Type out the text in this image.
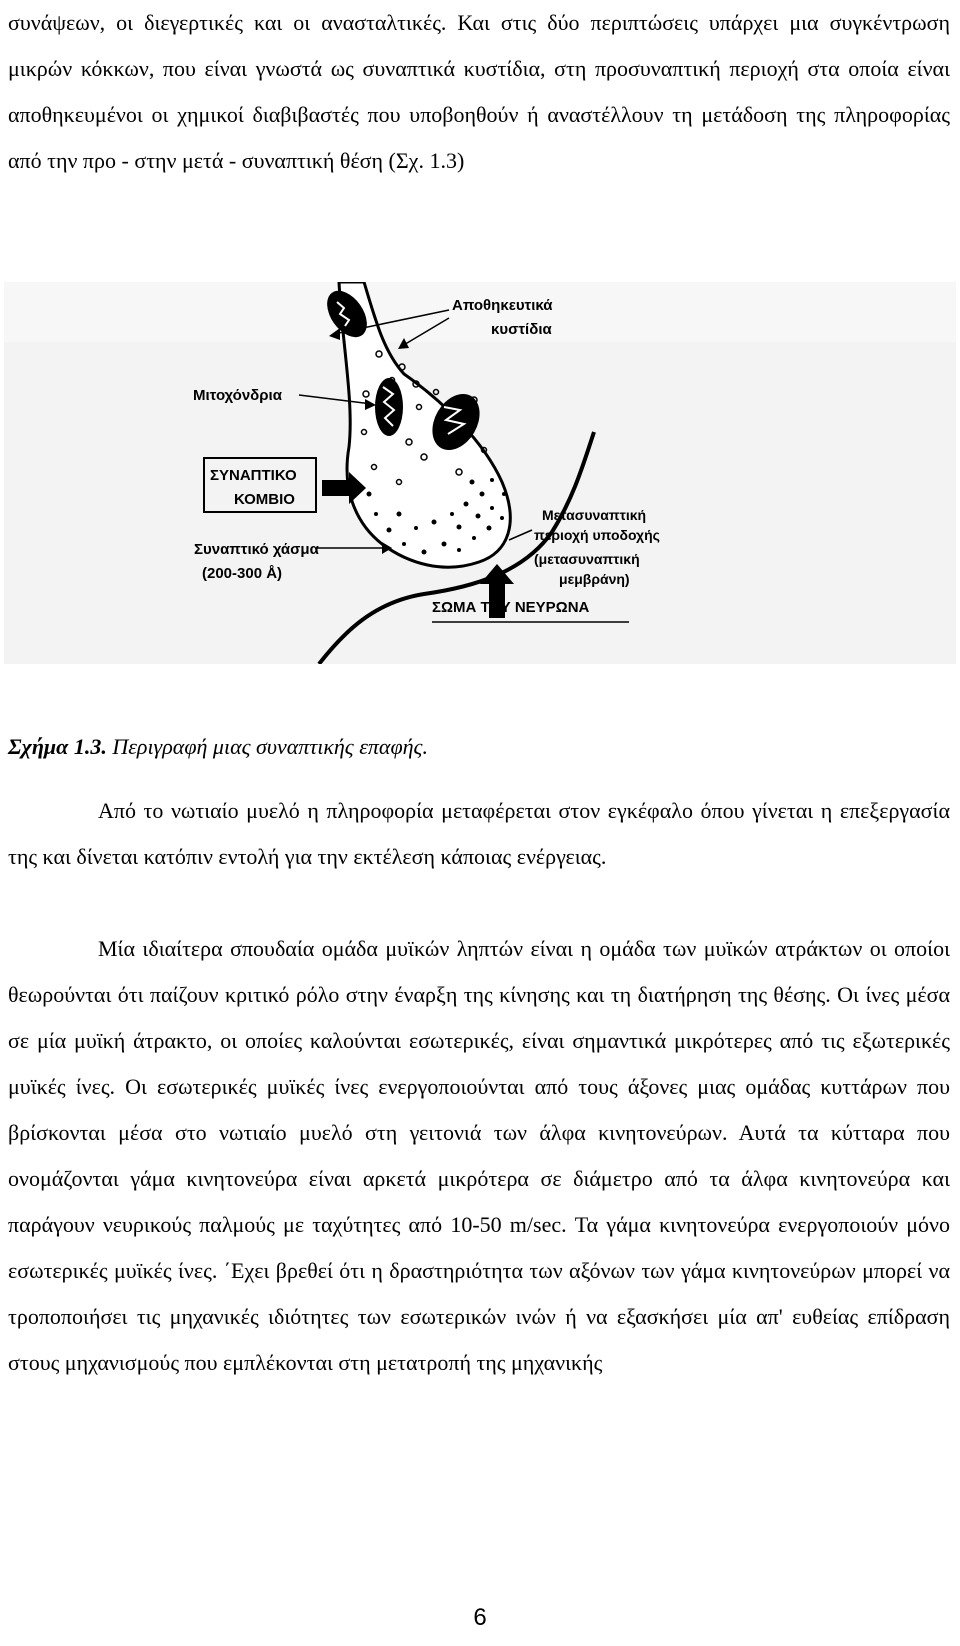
συνάψεων, οι διεγερτικές και οι ανασταλτικές. Και στις δύο περιπτώσεις υπάρχει μια συγκέντρωση μικρών κόκκων, που είναι γνωστά ως συναπτικά κυστίδια, στη προσυναπτική περιοχή στα οποία είναι αποθηκευμένοι οι χημικοί διαβιβαστές που υποβοηθούν ή αναστέλλουν τη μετάδοση της πληροφορίας από την προ - στην μετά - συναπτική θέση (Σχ. 1.3)

Αποθηκευτικά
κυστίδια
Μιτοχόνδρια
ΣΥΝΑΠΤΙΚΟ
ΚΟΜΒΙΟ
Συναπτικό χάσμα
(200-300 Å)
Μετασυναπτική
περιοχή υποδοχής
(μετασυναπτική
μεμβράνη)
ΣΩΜΑ ΤΟΥ ΝΕΥΡΩΝΑ
Σχήμα 1.3. Περιγραφή μιας συναπτικής επαφής.

Από το νωτιαίο μυελό η πληροφορία μεταφέρεται στον εγκέφαλο όπου γίνεται η επεξεργασία της και δίνεται κατόπιν εντολή για την εκτέλεση κάποιας ενέργειας.

Μία ιδιαίτερα σπουδαία ομάδα μυϊκών ληπτών είναι η ομάδα των μυϊκών ατράκτων οι οποίοι θεωρούνται ότι παίζουν κριτικό ρόλο στην έναρξη της κίνησης και τη διατήρηση της θέσης. Οι ίνες μέσα σε μία μυϊκή άτρακτο, οι οποίες καλούνται εσωτερικές, είναι σημαντικά μικρότερες από τις εξωτερικές μυϊκές ίνες. Οι εσωτερικές μυϊκές ίνες ενεργοποιούνται από τους άξονες μιας ομάδας κυττάρων που βρίσκονται μέσα στο νωτιαίο μυελό στη γειτονιά των άλφα κινητονεύρων. Αυτά τα κύτταρα που ονομάζονται γάμα κινητονεύρα είναι αρκετά μικρότερα σε διάμετρο από τα άλφα κινητονεύρα και παράγουν νευρικούς παλμούς με ταχύτητες από 10-50 m/sec. Τα γάμα κινητονεύρα ενεργοποιούν μόνο εσωτερικές μυϊκές ίνες. ΄Εχει βρεθεί ότι η δραστηριότητα των αξόνων των γάμα κινητονεύρων μπορεί να τροποποιήσει τις μηχανικές ιδιότητες των εσωτερικών ινών ή να εξασκήσει μία απ' ευθείας επίδραση στους μηχανισμούς που εμπλέκονται στη μετατροπή της μηχανικής

6
